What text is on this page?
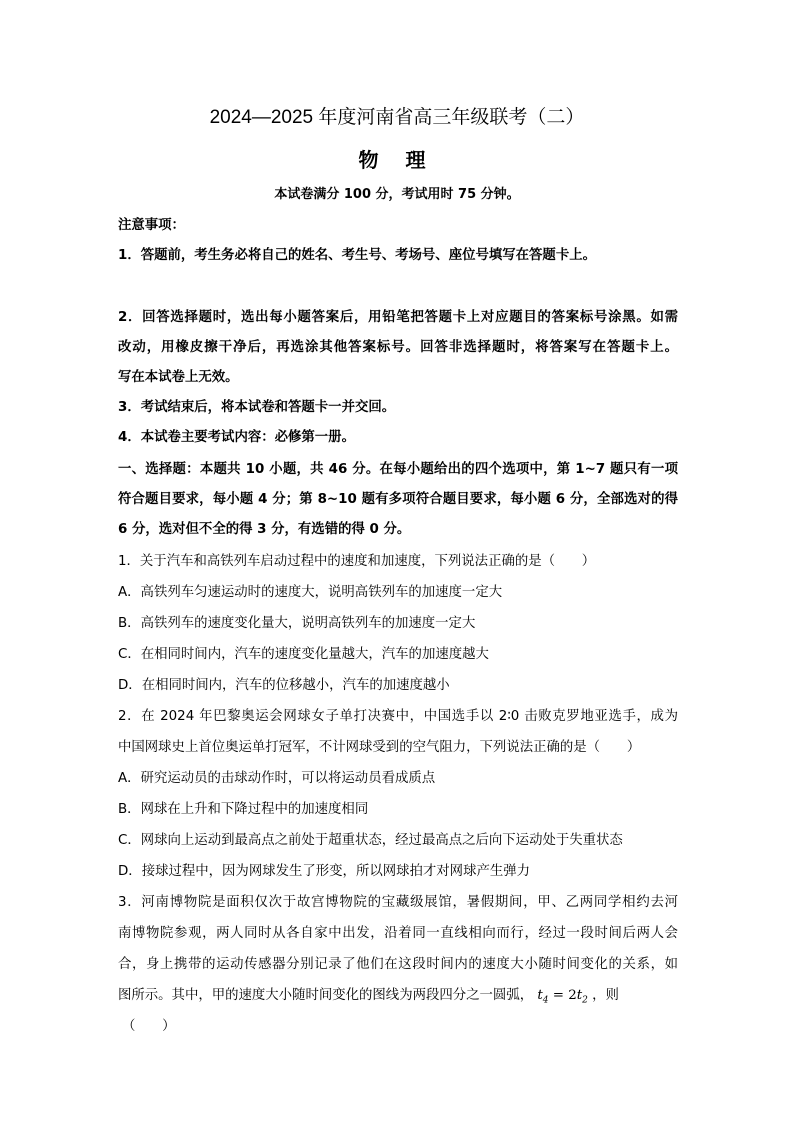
2024—2025 年度河南省高三年级联考（二）
物 理
本试卷满分 100 分，考试用时 75 分钟。
注意事项：
1．答题前，考生务必将自己的姓名、考生号、考场号、座位号填写在答题卡上。
2．回答选择题时，选出每小题答案后，用铅笔把答题卡上对应题目的答案标号涂黑。如需
改动，用橡皮擦干净后，再选涂其他答案标号。回答非选择题时，将答案写在答题卡上。
写在本试卷上无效。
3．考试结束后，将本试卷和答题卡一并交回。
4．本试卷主要考试内容：必修第一册。
一、选择题：本题共 10 小题，共 46 分。在每小题给出的四个选项中，第 1~7 题只有一项
符合题目要求，每小题 4 分；第 8~10 题有多项符合题目要求，每小题 6 分，全部选对的得
6 分，选对但不全的得 3 分，有选错的得 0 分。
1．关于汽车和高铁列车启动过程中的速度和加速度，下列说法正确的是（　　）
A．高铁列车匀速运动时的速度大，说明高铁列车的加速度一定大
B．高铁列车的速度变化量大，说明高铁列车的加速度一定大
C．在相同时间内，汽车的速度变化量越大，汽车的加速度越大
D．在相同时间内，汽车的位移越小，汽车的加速度越小
2．在 2024 年巴黎奥运会网球女子单打决赛中，中国选手以 2∶0 击败克罗地亚选手，成为
中国网球史上首位奥运单打冠军，不计网球受到的空气阻力，下列说法正确的是（　　）
A．研究运动员的击球动作时，可以将运动员看成质点
B．网球在上升和下降过程中的加速度相同
C．网球向上运动到最高点之前处于超重状态，经过最高点之后向下运动处于失重状态
D．接球过程中，因为网球发生了形变，所以网球拍才对网球产生弹力
3．河南博物院是面积仅次于故宫博物院的宝藏级展馆，暑假期间，甲、乙两同学相约去河
南博物院参观，两人同时从各自家中出发，沿着同一直线相向而行，经过一段时间后两人会
合，身上携带的运动传感器分别记录了他们在这段时间内的速度大小随时间变化的关系，如
图所示。其中，甲的速度大小随时间变化的图线为两段四分之一圆弧， $t_4 = 2t_2$ ，则
（　　）
